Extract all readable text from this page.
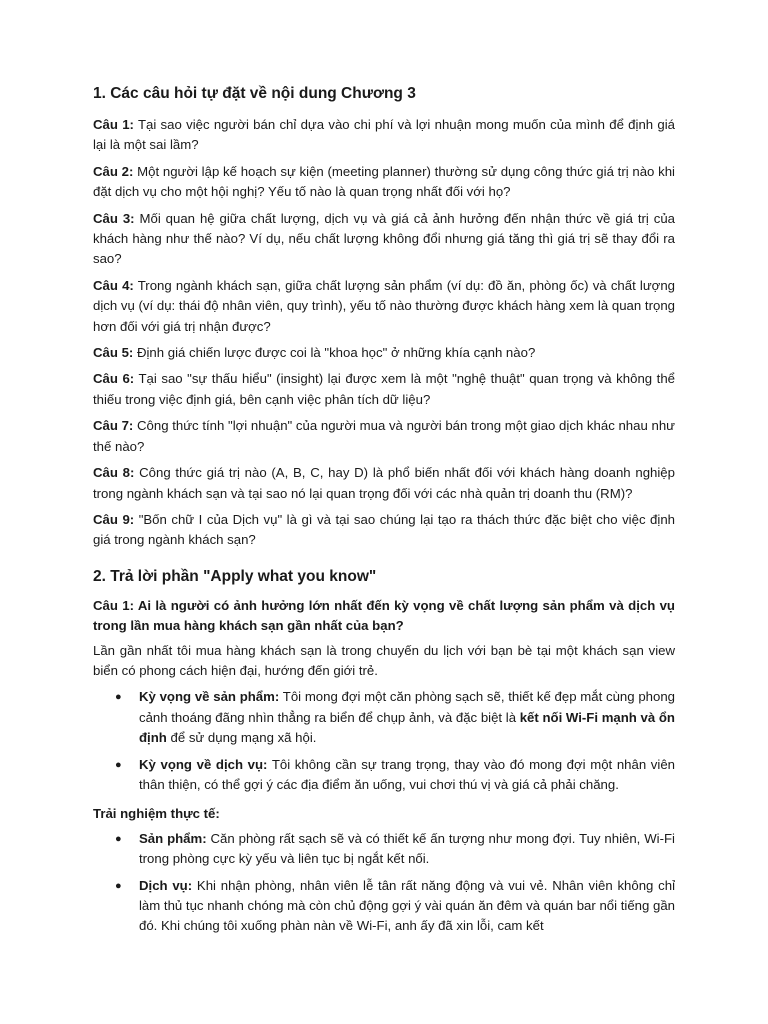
1. Các câu hỏi tự đặt về nội dung Chương 3

Câu 1: Tại sao việc người bán chỉ dựa vào chi phí và lợi nhuận mong muốn của mình để định giá lại là một sai lầm?

Câu 2: Một người lập kế hoạch sự kiện (meeting planner) thường sử dụng công thức giá trị nào khi đặt dịch vụ cho một hội nghị? Yếu tố nào là quan trọng nhất đối với họ?

Câu 3: Mối quan hệ giữa chất lượng, dịch vụ và giá cả ảnh hưởng đến nhận thức về giá trị của khách hàng như thế nào? Ví dụ, nếu chất lượng không đổi nhưng giá tăng thì giá trị sẽ thay đổi ra sao?

Câu 4: Trong ngành khách sạn, giữa chất lượng sản phẩm (ví dụ: đồ ăn, phòng ốc) và chất lượng dịch vụ (ví dụ: thái độ nhân viên, quy trình), yếu tố nào thường được khách hàng xem là quan trọng hơn đối với giá trị nhận được?

Câu 5: Định giá chiến lược được coi là "khoa học" ở những khía cạnh nào?

Câu 6: Tại sao "sự thấu hiểu" (insight) lại được xem là một "nghệ thuật" quan trọng và không thể thiếu trong việc định giá, bên cạnh việc phân tích dữ liệu?

Câu 7: Công thức tính "lợi nhuận" của người mua và người bán trong một giao dịch khác nhau như thế nào?

Câu 8: Công thức giá trị nào (A, B, C, hay D) là phổ biến nhất đối với khách hàng doanh nghiệp trong ngành khách sạn và tại sao nó lại quan trọng đối với các nhà quản trị doanh thu (RM)?

Câu 9: "Bốn chữ I của Dịch vụ" là gì và tại sao chúng lại tạo ra thách thức đặc biệt cho việc định giá trong ngành khách sạn?

2. Trả lời phần "Apply what you know"

Câu 1: Ai là người có ảnh hưởng lớn nhất đến kỳ vọng về chất lượng sản phẩm và dịch vụ trong lần mua hàng khách sạn gần nhất của bạn?

Lần gần nhất tôi mua hàng khách sạn là trong chuyến du lịch với bạn bè tại một khách sạn view biển có phong cách hiện đại, hướng đến giới trẻ.

● Kỳ vọng về sản phẩm: Tôi mong đợi một căn phòng sạch sẽ, thiết kế đẹp mắt cùng phong cảnh thoáng đãng nhìn thẳng ra biển để chụp ảnh, và đặc biệt là kết nối Wi-Fi mạnh và ổn định để sử dụng mạng xã hội.
● Kỳ vọng về dịch vụ: Tôi không cần sự trang trọng, thay vào đó mong đợi một nhân viên thân thiện, có thể gợi ý các địa điểm ăn uống, vui chơi thú vị và giá cả phải chăng.

Trải nghiệm thực tế:

● Sản phẩm: Căn phòng rất sạch sẽ và có thiết kế ấn tượng như mong đợi. Tuy nhiên, Wi-Fi trong phòng cực kỳ yếu và liên tục bị ngắt kết nối.
● Dịch vụ: Khi nhận phòng, nhân viên lễ tân rất năng động và vui vẻ. Nhân viên không chỉ làm thủ tục nhanh chóng mà còn chủ động gợi ý vài quán ăn đêm và quán bar nổi tiếng gần đó. Khi chúng tôi xuống phàn nàn về Wi-Fi, anh ấy đã xin lỗi, cam kết
